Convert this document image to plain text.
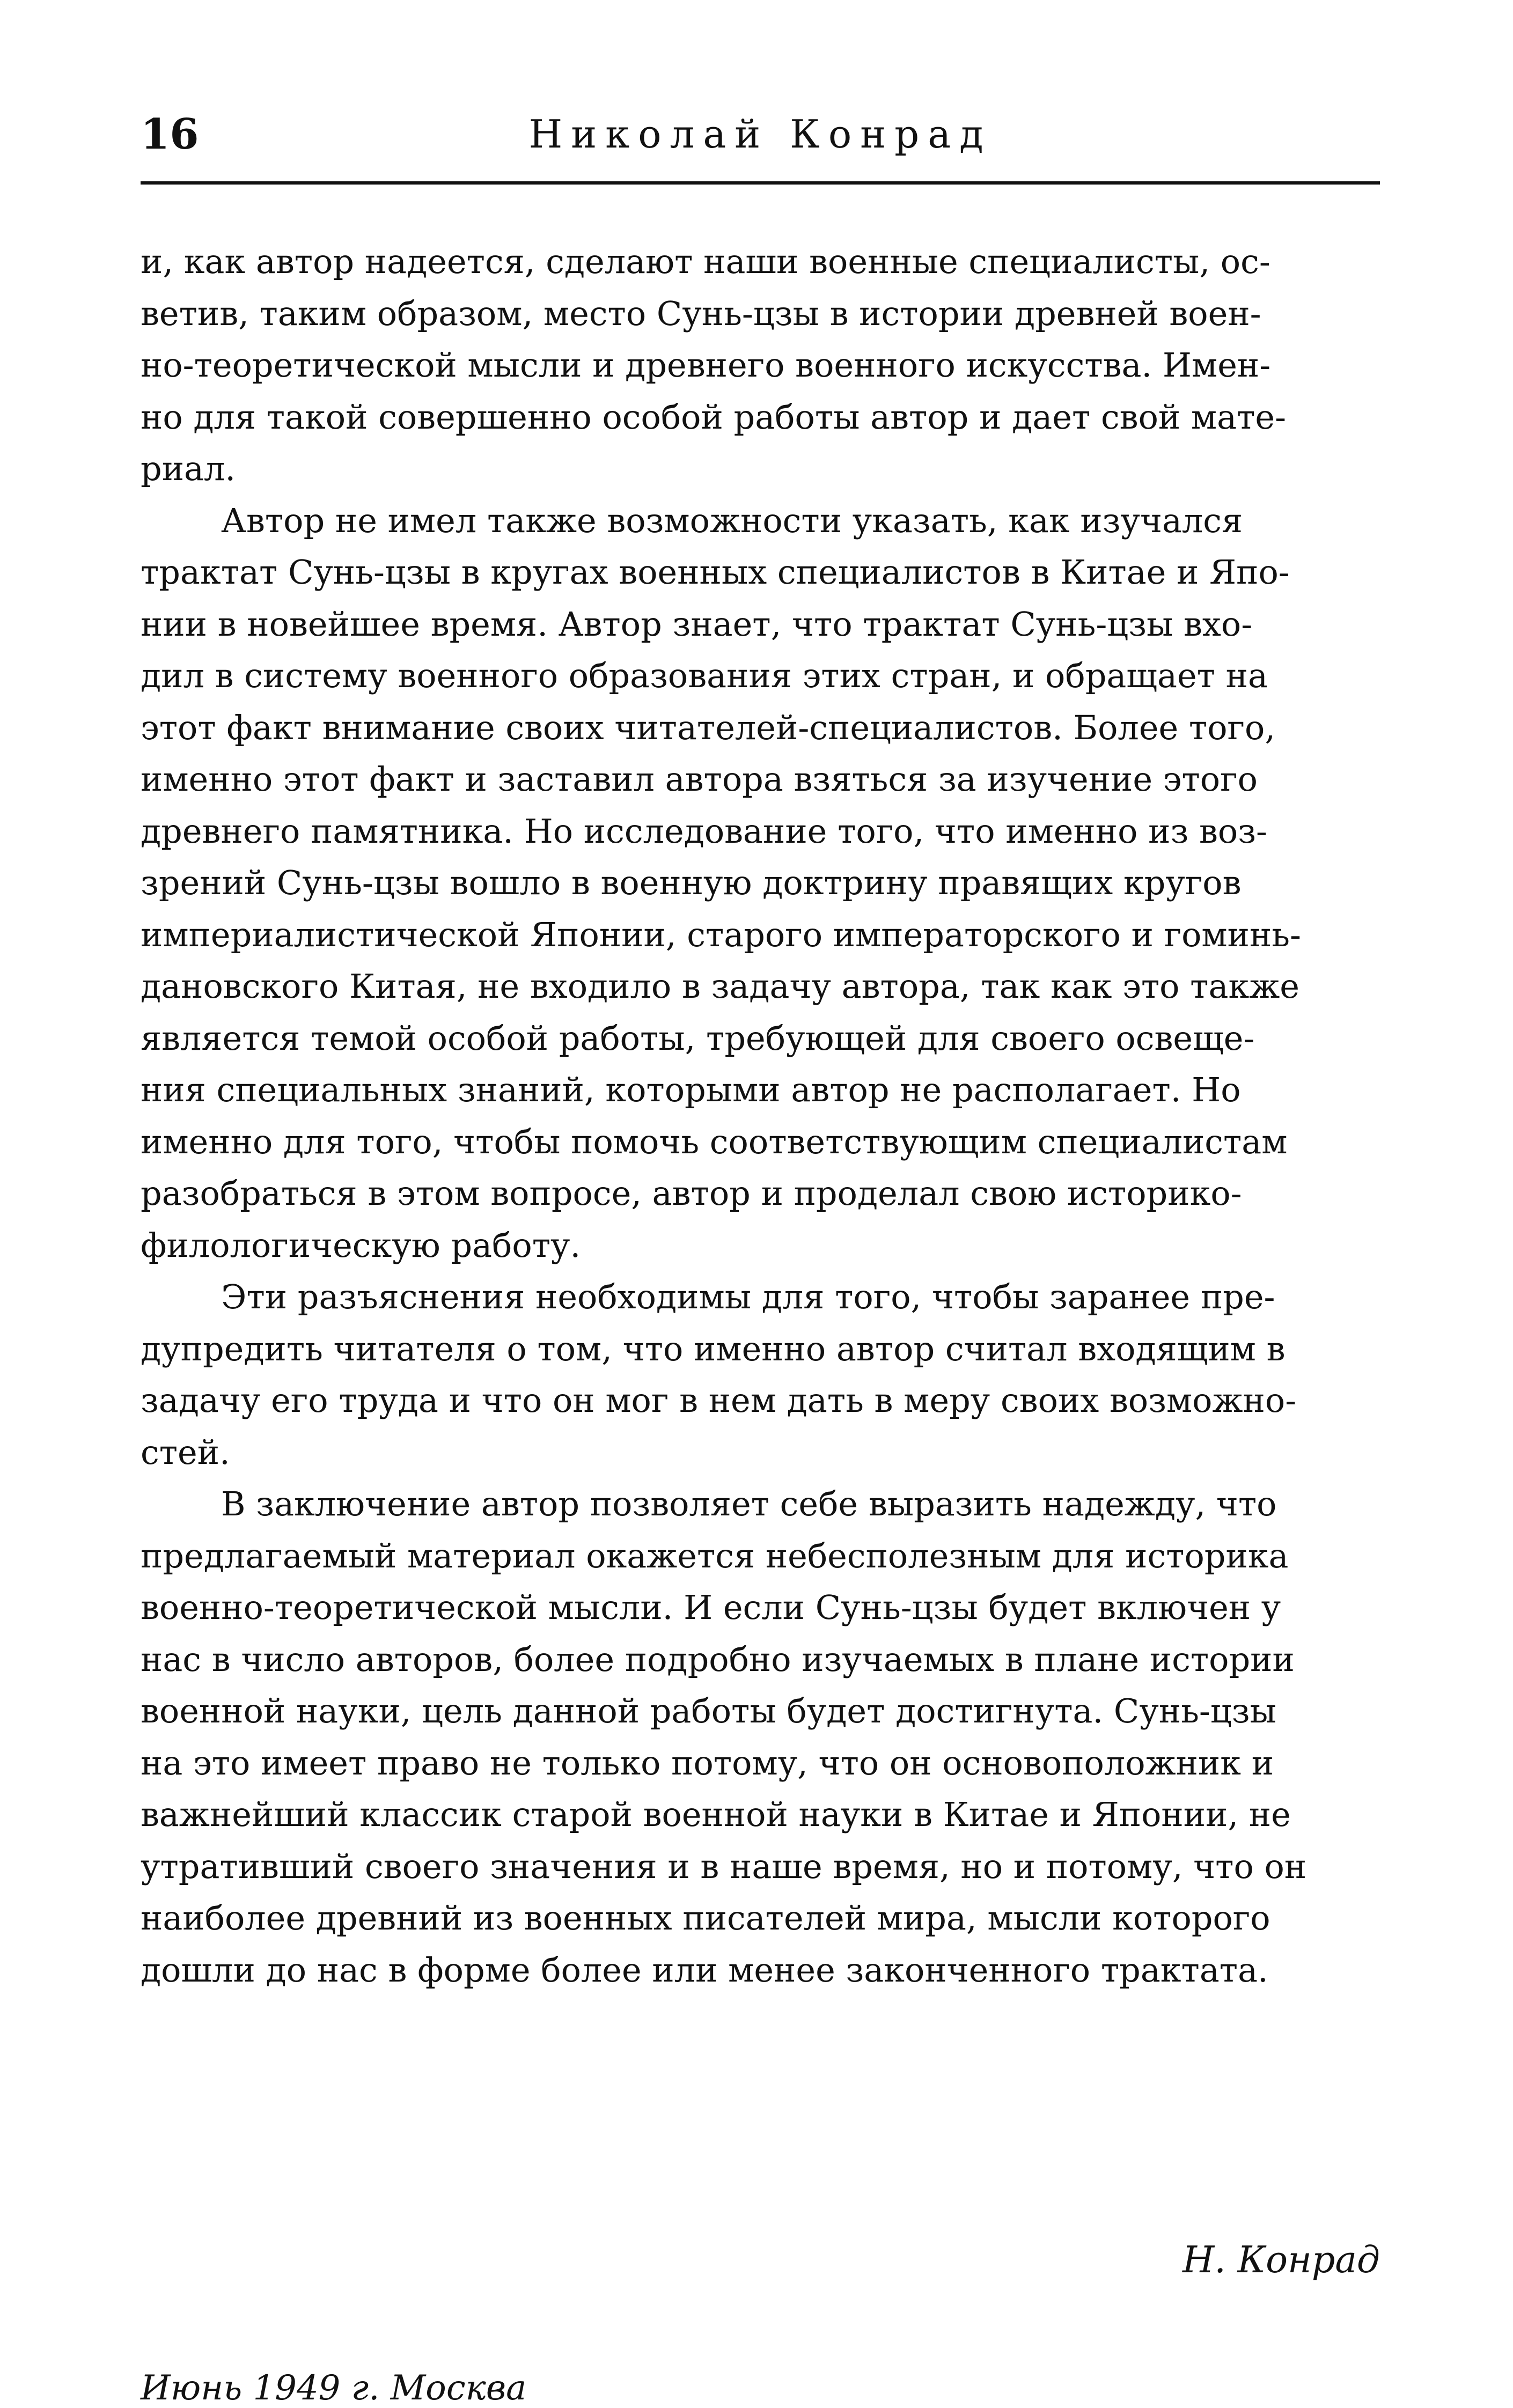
16	Николай Конрад

и, как автор надеется, сделают наши военные специалисты, ос-
ветив, таким образом, место Сунь-цзы в истории древней воен-
но-теоретической мысли и древнего военного искусства. Имен-
но для такой совершенно особой работы автор и дает свой мате-
риал.

Автор не имел также возможности указать, как изучался
трактат Сунь-цзы в кругах военных специалистов в Китае и Япо-
нии в новейшее время. Автор знает, что трактат Сунь-цзы вхо-
дил в систему военного образования этих стран, и обращает на
этот факт внимание своих читателей-специалистов. Более того,
именно этот факт и заставил автора взяться за изучение этого
древнего памятника. Но исследование того, что именно из воз-
зрений Сунь-цзы вошло в военную доктрину правящих кругов
империалистической Японии, старого императорского и гоминь-
дановского Китая, не входило в задачу автора, так как это также
является темой особой работы, требующей для своего освеще-
ния специальных знаний, которыми автор не располагает. Но
именно для того, чтобы помочь соответствующим специалистам
разобраться в этом вопросе, автор и проделал свою историко-
филологическую работу.

Эти разъяснения необходимы для того, чтобы заранее пре-
дупредить читателя о том, что именно автор считал входящим в
задачу его труда и что он мог в нем дать в меру своих возможно-
стей.

В заключение автор позволяет себе выразить надежду, что
предлагаемый материал окажется небесполезным для историка
военно-теоретической мысли. И если Сунь-цзы будет включен у
нас в число авторов, более подробно изучаемых в плане истории
военной науки, цель данной работы будет достигнута. Сунь-цзы
на это имеет право не только потому, что он основоположник и
важнейший классик старой военной науки в Китае и Японии, не
утративший своего значения и в наше время, но и потому, что он
наиболее древний из военных писателей мира, мысли которого
дошли до нас в форме более или менее законченного трактата.

Н. Конрад
Июнь 1949 г. Москва
